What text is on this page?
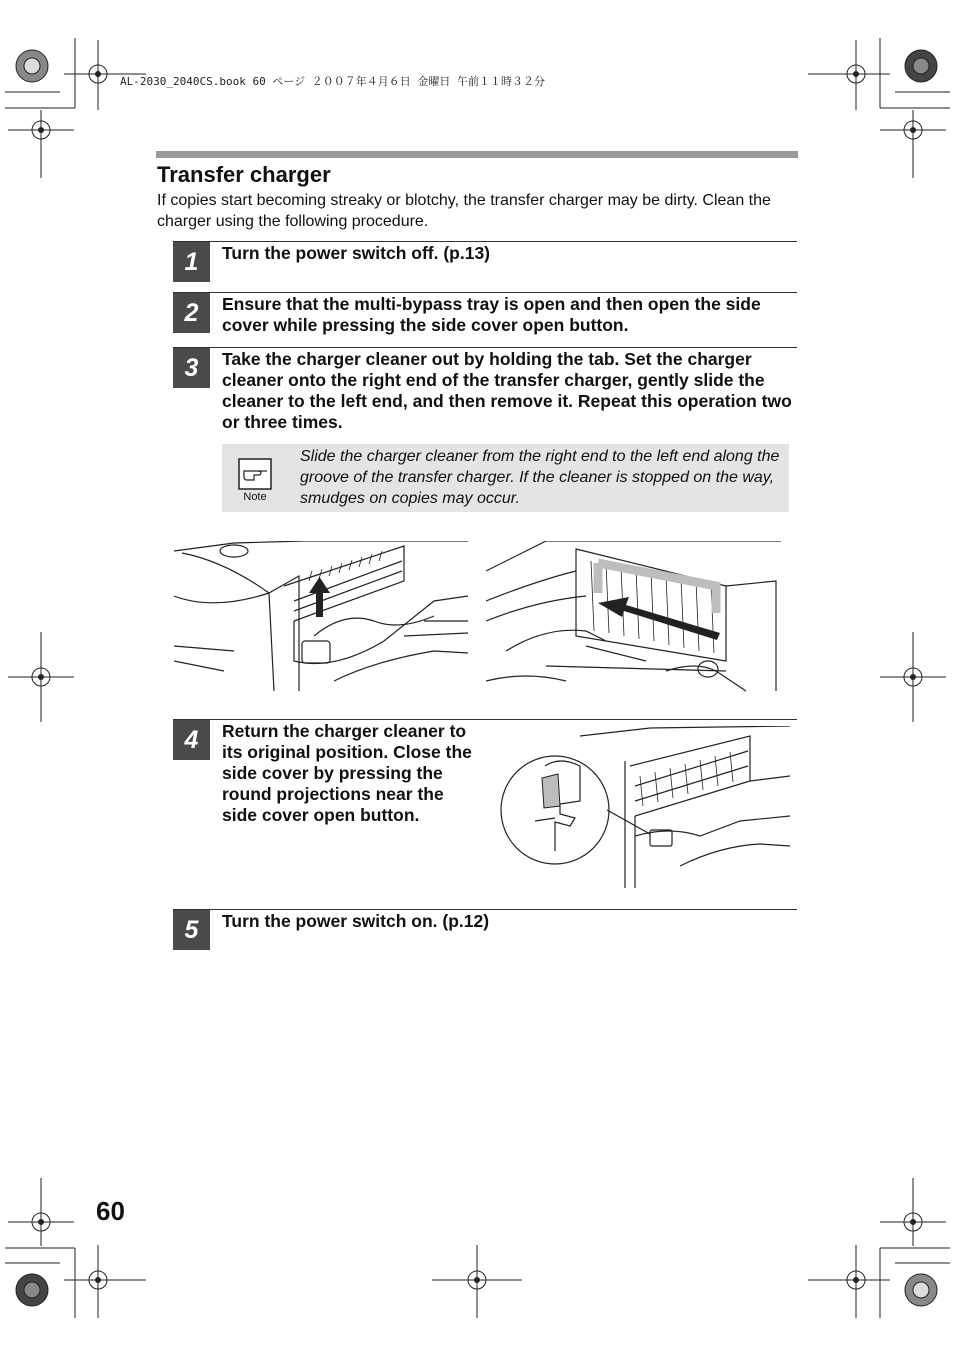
AL-2030_2040CS.book 60 ページ ２００７年４月６日 金曜日 午前１１時３２分
Transfer charger
If copies start becoming streaky or blotchy, the transfer charger may be dirty. Clean the charger using the following procedure.
1	Turn the power switch off. (p.13)
2	Ensure that the multi-bypass tray is open and then open the side cover while pressing the side cover open button.
3	Take the charger cleaner out by holding the tab. Set the charger cleaner onto the right end of the transfer charger, gently slide the cleaner to the left end, and then remove it. Repeat this operation two or three times.
Note
Slide the charger cleaner from the right end to the left end along the groove of the transfer charger. If the cleaner is stopped on the way, smudges on copies may occur.
4	Return the charger cleaner to its original position. Close the side cover by pressing the round projections near the side cover open button.
5	Turn the power switch on. (p.12)
60
